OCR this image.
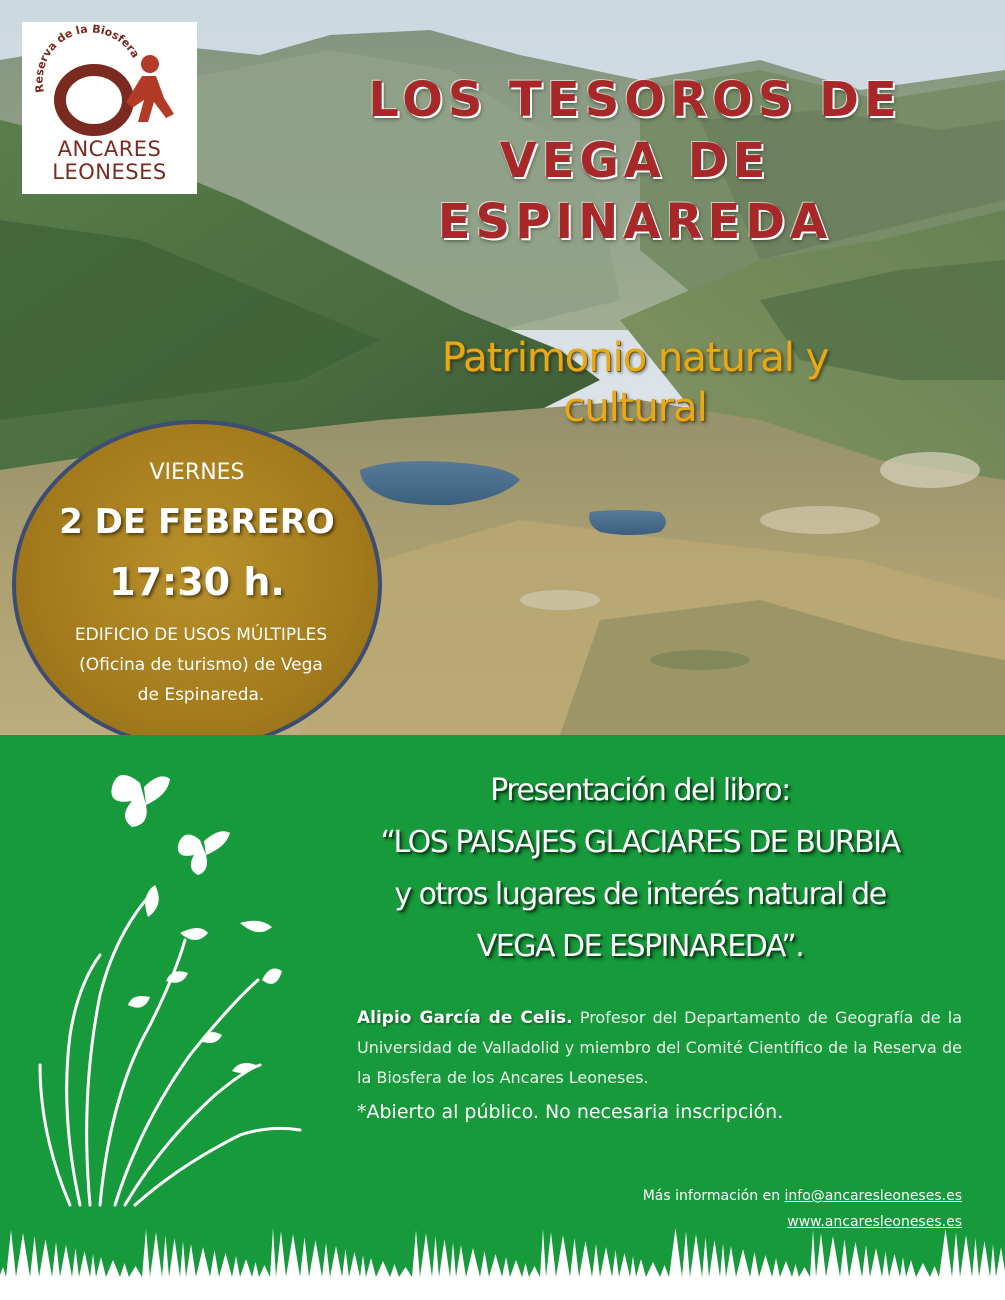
Reserva de la Biosfera
ANCARES
LEONESES
LOS TESOROS DE
VEGA DE
ESPINAREDA
Patrimonio natural y
cultural
VIERNES
2 DE FEBRERO
17:30 h.
EDIFICIO DE USOS MÚLTIPLES
(Oficina de turismo) de Vega
de Espinareda.
Presentación del libro:
“LOS PAISAJES GLACIARES DE BURBIA
y otros lugares de interés natural de
VEGA DE ESPINAREDA”.
Alipio García de Celis. Profesor del Departamento de Geografía de la Universidad de Valladolid y miembro del Comité Científico de la Reserva de la Biosfera de los Ancares Leoneses.
*Abierto al público. No necesaria inscripción.
Más información en info@ancaresleoneses.es
www.ancaresleoneses.es
